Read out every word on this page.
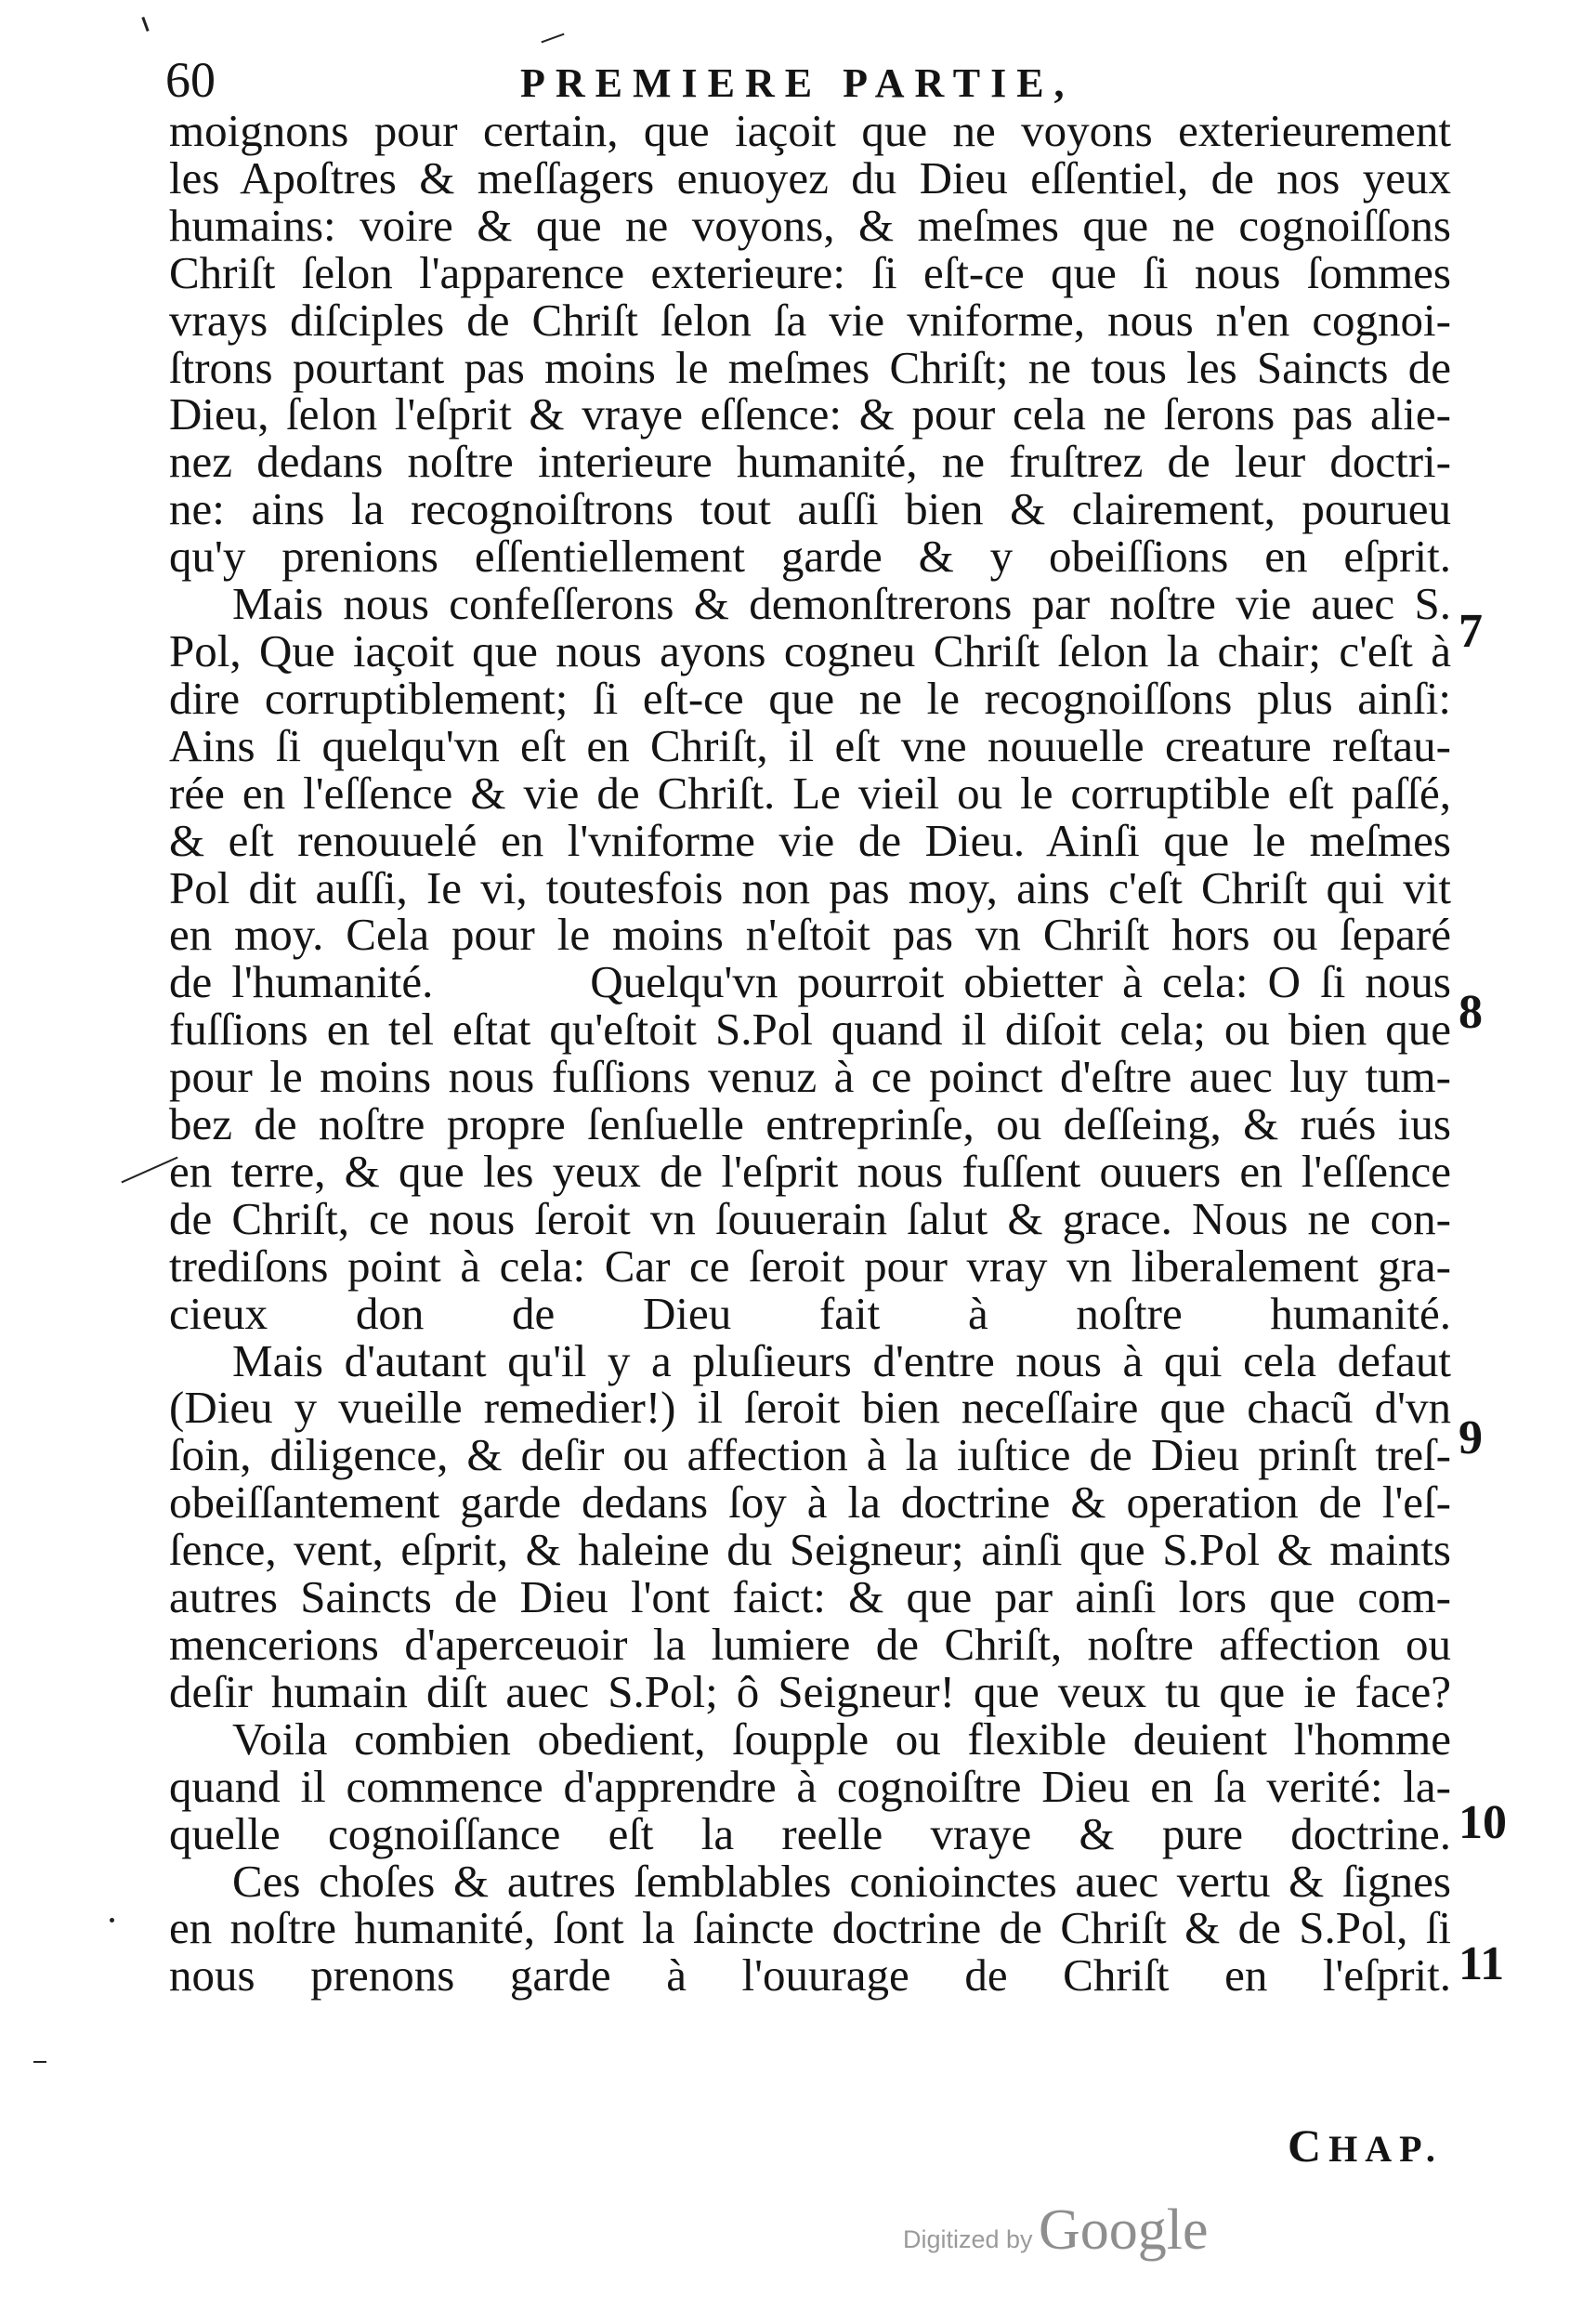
60	PREMIERE PARTIE,

moignons pour certain, que iaçoit que ne voyons exterieurement
les Apoſtres & meſſagers enuoyez du Dieu eſſentiel, de nos yeux
humains: voire & que ne voyons, & meſmes que ne cognoiſſons
Chriſt ſelon l'apparence exterieure: ſi eſt-ce que ſi nous ſommes
vrays diſciples de Chriſt ſelon ſa vie vniforme, nous n'en cognoi-
ſtrons pourtant pas moins le meſmes Chriſt; ne tous les Saincts de
Dieu, ſelon l'eſprit & vraye eſſence: & pour cela ne ſerons pas alie-
nez dedans noſtre interieure humanité, ne fruſtrez de leur doctri-
ne: ains la recognoiſtrons tout auſſi bien & clairement, pourueu
qu'y prenions eſſentiellement garde & y obeiſſions en eſprit.

Mais nous confeſſerons & demonſtrerons par noſtre vie auec S.
Pol, Que iaçoit que nous ayons cogneu Chriſt ſelon la chair; c'eſt à
dire corruptiblement; ſi eſt-ce que ne le recognoiſſons plus ainſi:
Ains ſi quelqu'vn eſt en Chriſt, il eſt vne nouuelle creature reſtau-
rée en l'eſſence & vie de Chriſt. Le vieil ou le corruptible eſt paſſé,
& eſt renouuelé en l'vniforme vie de Dieu. Ainſi que le meſmes
Pol dit auſſi, Ie vi, toutesfois non pas moy, ains c'eſt Chriſt qui vit
en moy. Cela pour le moins n'eſtoit pas vn Chriſt hors ou ſeparé
de l'humanité.        Quelqu'vn pourroit obietter à cela: O ſi nous
fuſſions en tel eſtat qu'eſtoit S.Pol quand il diſoit cela; ou bien que
pour le moins nous fuſſions venuz à ce poinct d'eſtre auec luy tum-
bez de noſtre propre ſenſuelle entreprinſe, ou deſſeing, & rués ius
en terre, & que les yeux de l'eſprit nous fuſſent ouuers en l'eſſence
de Chriſt, ce nous ſeroit vn ſouuerain ſalut & grace. Nous ne con-
trediſons point à cela: Car ce ſeroit pour vray vn liberalement gra-
cieux don de Dieu fait à noſtre humanité.

Mais d'autant qu'il y a pluſieurs d'entre nous à qui cela defaut
(Dieu y vueille remedier!) il ſeroit bien neceſſaire que chacũ d'vn
ſoin, diligence, & deſir ou affection à la iuſtice de Dieu prinſt treſ-
obeiſſantement garde dedans ſoy à la doctrine & operation de l'eſ-
ſence, vent, eſprit, & haleine du Seigneur; ainſi que S.Pol & maints
autres Saincts de Dieu l'ont faict: & que par ainſi lors que com-
mencerions d'aperceuoir la lumiere de Chriſt, noſtre affection ou
deſir humain diſt auec S.Pol; ô Seigneur! que veux tu que ie face?

Voila combien obedient, ſoupple ou flexible deuient l'homme
quand il commence d'apprendre à cognoiſtre Dieu en ſa verité: la-
quelle cognoiſſance eſt la reelle vraye & pure doctrine.

Ces choſes & autres ſemblables conioinctes auec vertu & ſignes
en noſtre humanité, ſont la ſaincte doctrine de Chriſt & de S.Pol, ſi
nous prenons garde à l'ouurage de Chriſt en l'eſprit.

7
8
9
10
11
CHAP.
Digitized by Google
